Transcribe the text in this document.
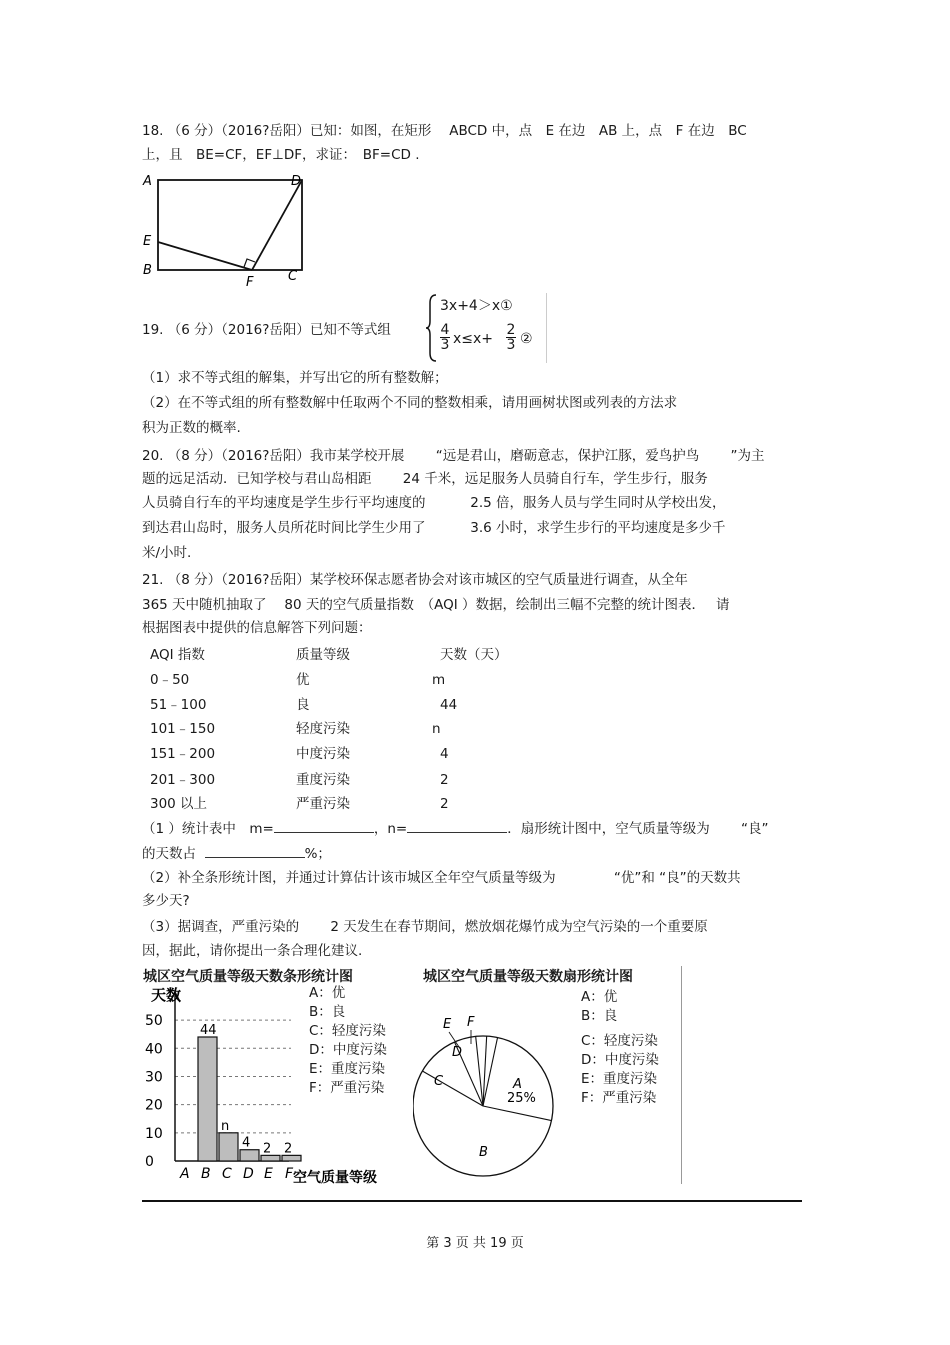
18. （6 分）（2016?岳阳）已知：如图，在矩形　 ABCD 中，点　E 在边　AB 上，点　F 在边　BC
上，且　BE=CF，EF⊥DF，求证：　BF=CD .
A
E
B
F	C
D
19. （6 分）（2016?岳阳）已知不等式组
3x+4＞x①
$\frac{4}{3} x\le x+ \frac{2}{3}$ ②
（1）求不等式组的解集，并写出它的所有整数解；
（2）在不等式组的所有整数解中任取两个不同的整数相乘，请用画树状图或列表的方法求
积为正数的概率.
20. （8 分）（2016?岳阳）我市某学校开展　　 “远是君山，磨砺意志，保护江豚，爱鸟护鸟　　 ”为主
题的远足活动．已知学校与君山岛相距　　 24 千米，远足服务人员骑自行车，学生步行，服务
人员骑自行车的平均速度是学生步行平均速度的　　　 2.5 倍，服务人员与学生同时从学校出发，
到达君山岛时，服务人员所花时间比学生少用了　　　 3.6 小时，求学生步行的平均速度是多少千
米/小时.
21. （8 分）（2016?岳阳）某学校环保志愿者协会对该市城区的空气质量进行调查，从全年
365 天中随机抽取了　 80 天的空气质量指数　（AQI ）数据，绘制出三幅不完整的统计图表．　 请
根据图表中提供的信息解答下列问题：
AQI 指数	质量等级	天数（天）
0﹣50	优	m
51﹣100	良	44
101﹣150	轻度污染	n
151﹣200	中度污染	4
201﹣300	重度污染	2
300 以上	严重污染	2
（1 ）统计表中　m=	，n=	．扇形统计图中，空气质量等级为　　 “良”
的天数占	%；
（2）补全条形统计图，并通过计算估计该市城区全年空气质量等级为　　　　 “优”和 “良”的天数共
多少天?
（3）据调查，严重污染的　　 2 天发生在春节期间，燃放烟花爆竹成为空气污染的一个重要原
因，据此，请你提出一条合理化建议.
城区空气质量等级天数条形统计图
0
10
20
30
40
50
天数
空气质量等级
A
44
B
n
C
4
D
2
E
2
F
A：优
B：良
C：轻度污染
D：中度污染
E：重度污染
F：严重污染
城区空气质量等级天数扇形统计图
A
25%
B
C
D
E F
A：优
B：良
C：轻度污染
D：中度污染
E：重度污染
F：严重污染
第 3 页 共 19 页
